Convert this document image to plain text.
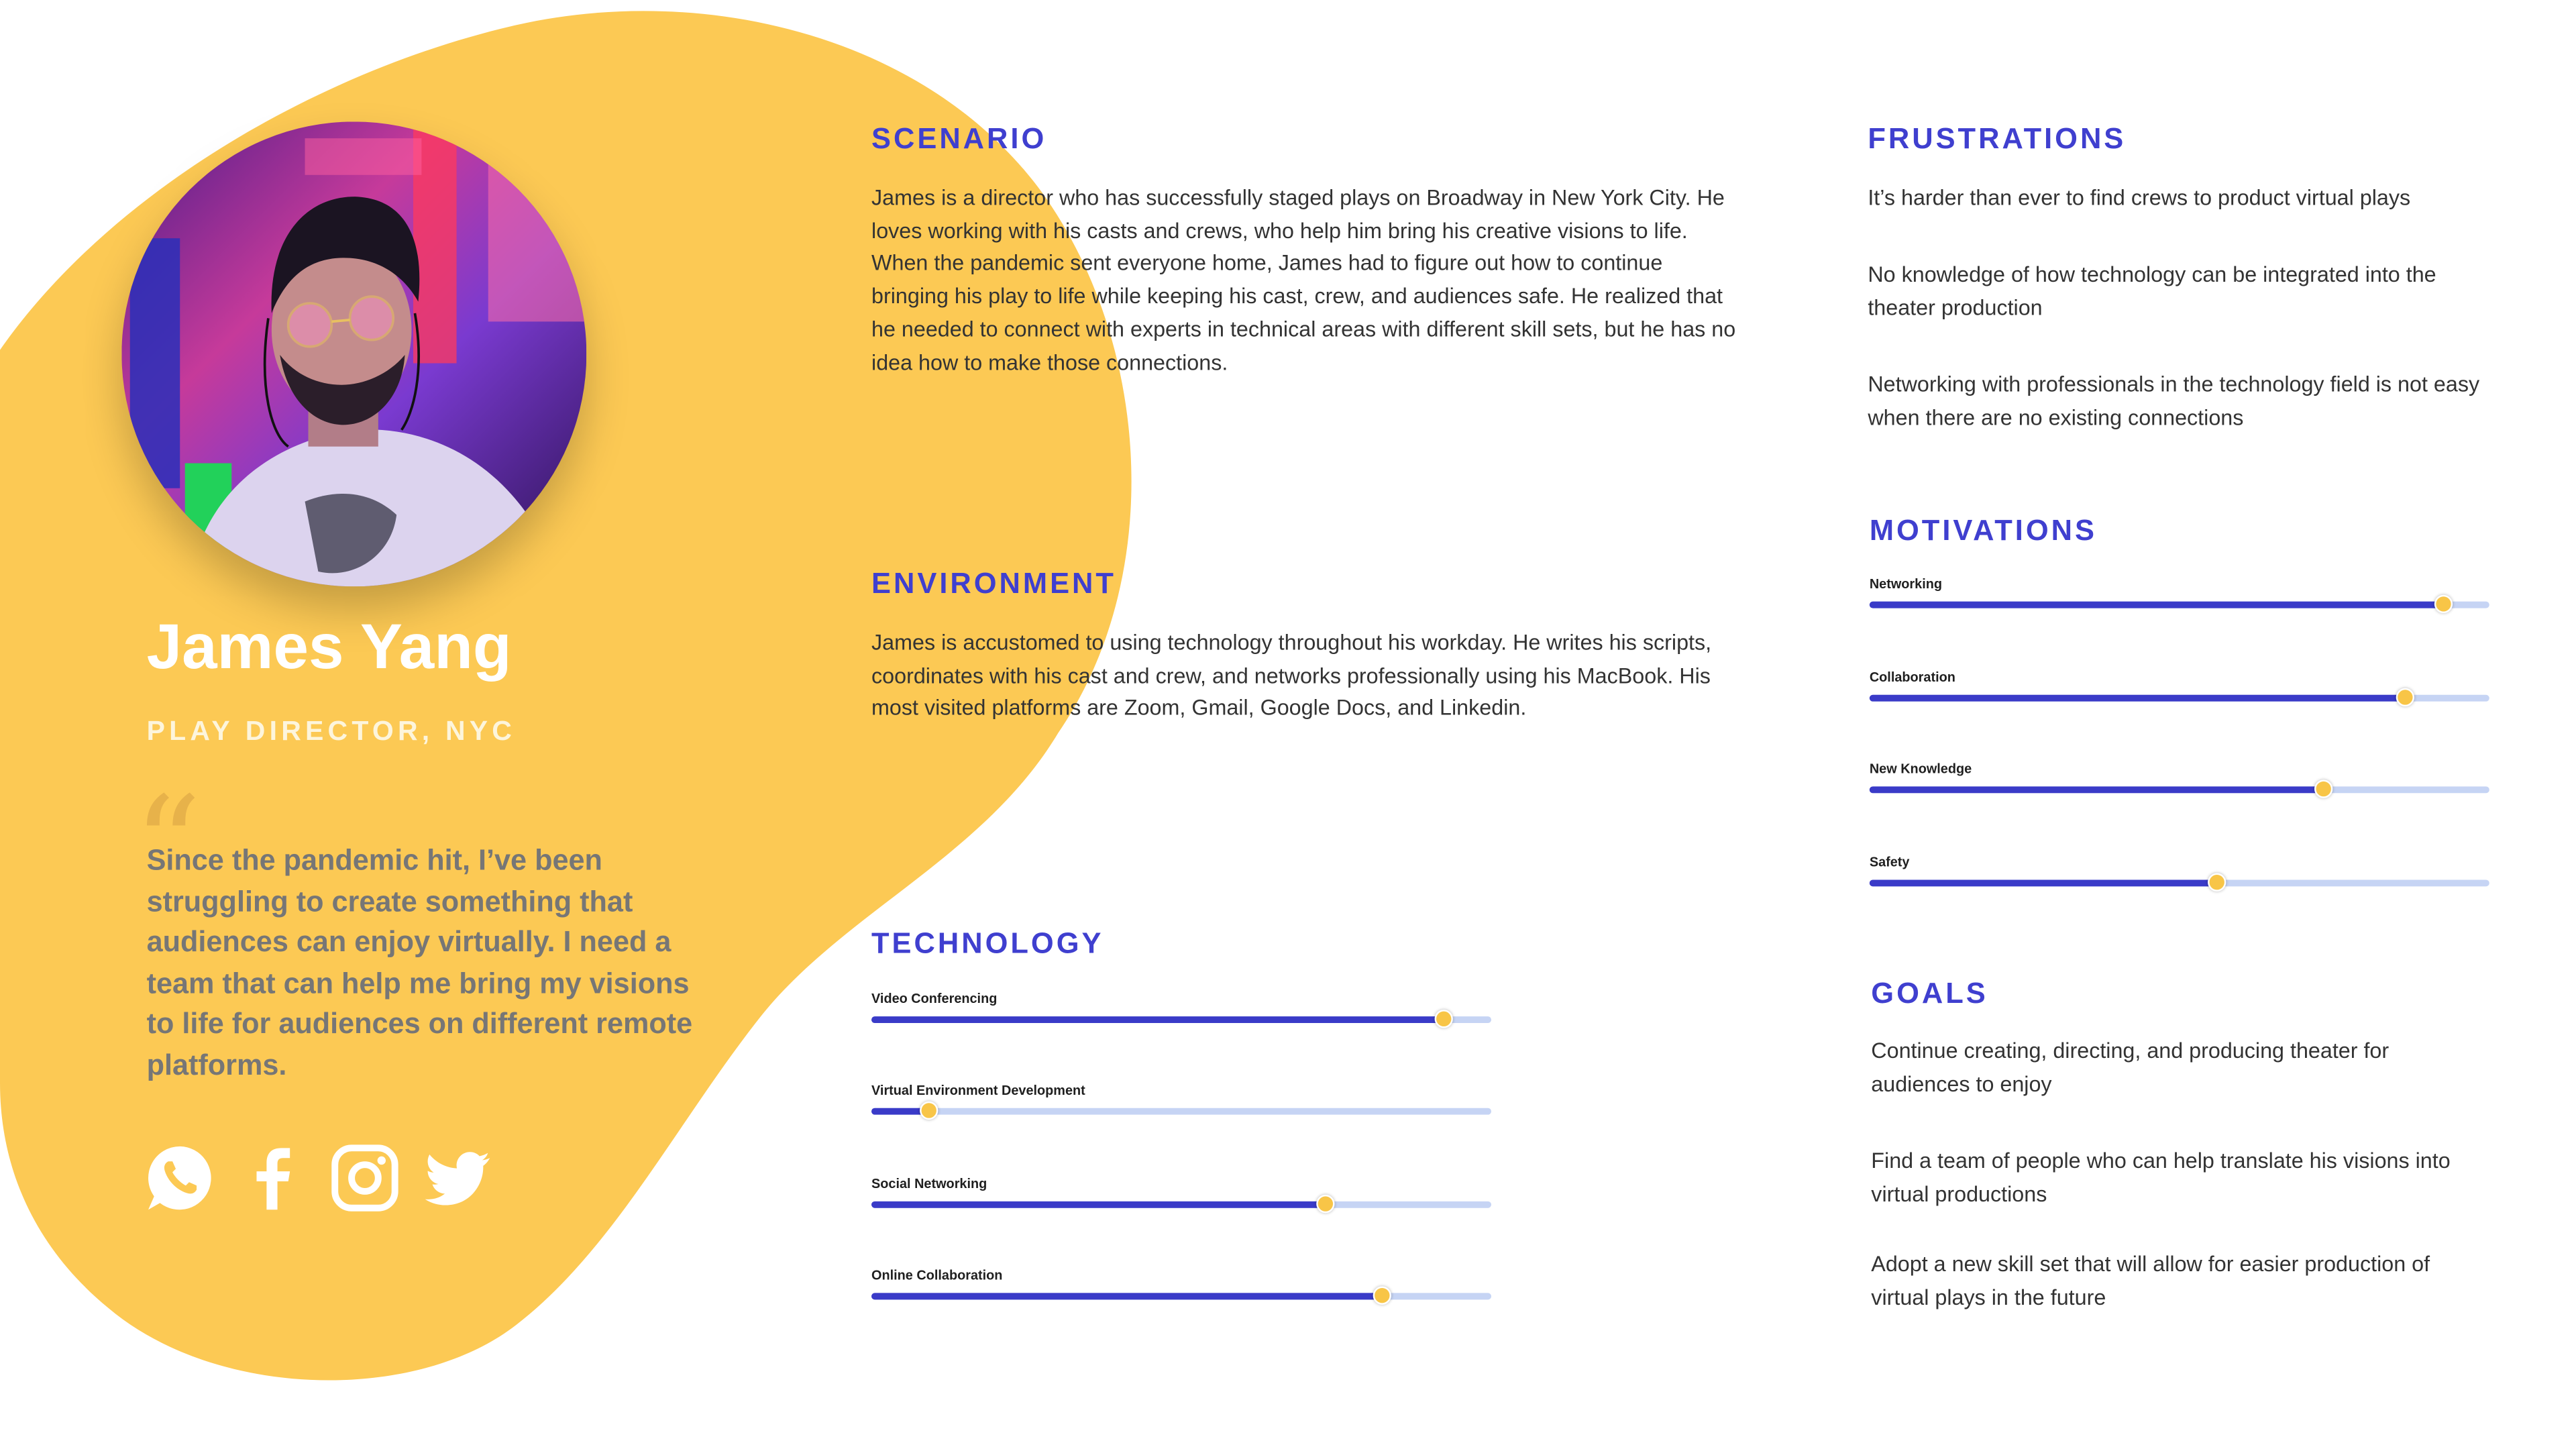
James Yang
PLAY DIRECTOR, NYC
“

Since the pandemic hit, I’ve been struggling to create something that audiences can enjoy virtually. I need a team that can help me bring my visions to life for audiences on different remote platforms.

SCENARIO

James is a director who has successfully staged plays on Broadway in New York City. He loves working with his casts and crews, who help him bring his creative visions to life. When the pandemic sent everyone home, James had to figure out how to continue bringing his play to life while keeping his cast, crew, and audiences safe. He realized that he needed to connect with experts in technical areas with different skill sets, but he has no idea how to make those connections.

ENVIRONMENT

James is accustomed to using technology throughout his workday. He writes his scripts, coordinates with his cast and crew, and networks professionally using his MacBook. His most visited platforms are Zoom, Gmail, Google Docs, and Linkedin.

TECHNOLOGY
Video Conferencing
Virtual Environment Development
Social Networking
Online Collaboration
FRUSTRATIONS

It’s harder than ever to find crews to product virtual plays

No knowledge of how technology can be integrated into the theater production

Networking with professionals in the technology field is not easy when there are no existing connections

MOTIVATIONS
Networking
Collaboration
New Knowledge
Safety
GOALS

Continue creating, directing, and producing theater for audiences to enjoy

Find a team of people who can help translate his visions into virtual productions

Adopt a new skill set that will allow for easier production of virtual plays in the future
